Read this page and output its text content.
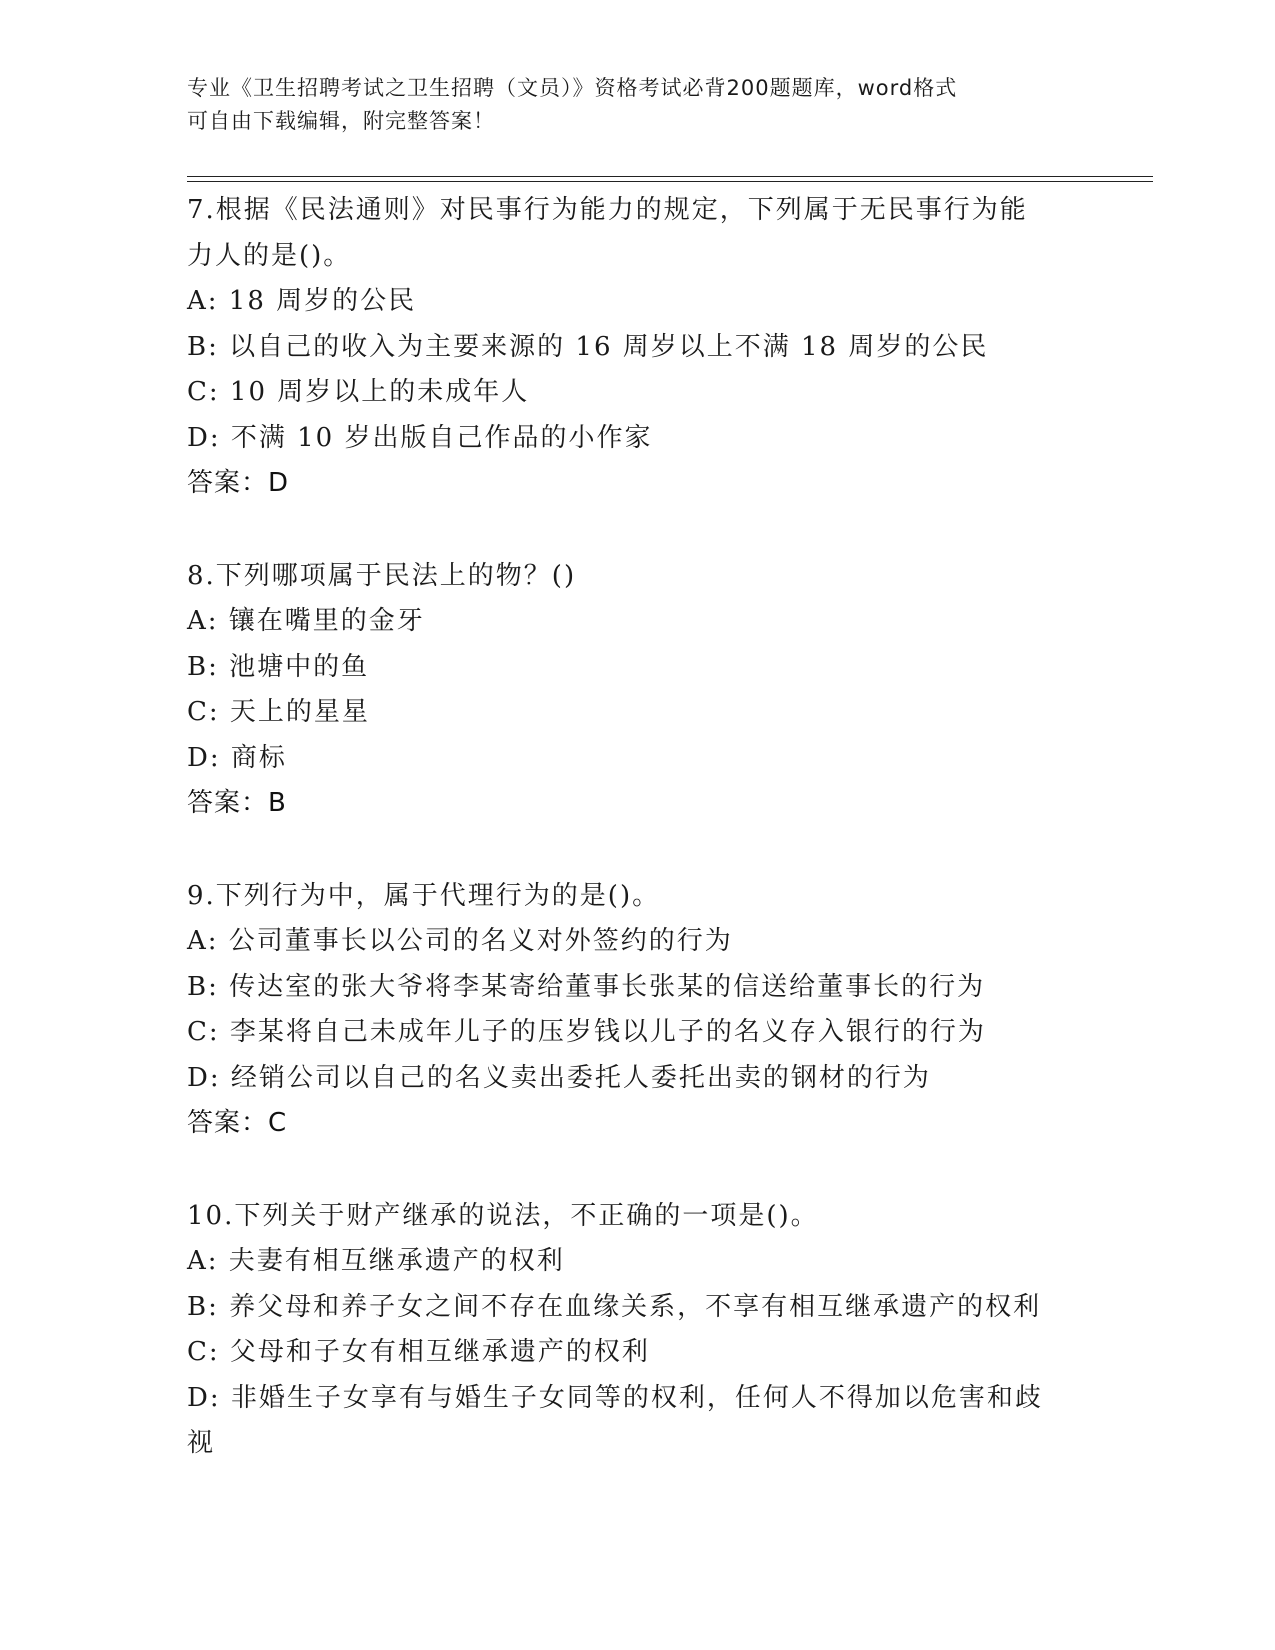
专业《卫生招聘考试之卫生招聘（文员）》资格考试必背200题题库，word格式
可自由下载编辑，附完整答案！
7.根据《民法通则》对民事行为能力的规定，下列属于无民事行为能
力人的是()。
A: 18 周岁的公民
B: 以自己的收入为主要来源的 16 周岁以上不满 18 周岁的公民
C: 10 周岁以上的未成年人
D: 不满 10 岁出版自己作品的小作家
答案：D
8.下列哪项属于民法上的物？()
A: 镶在嘴里的金牙
B: 池塘中的鱼
C: 天上的星星
D: 商标
答案：B
9.下列行为中，属于代理行为的是()。
A: 公司董事长以公司的名义对外签约的行为
B: 传达室的张大爷将李某寄给董事长张某的信送给董事长的行为
C: 李某将自己未成年儿子的压岁钱以儿子的名义存入银行的行为
D: 经销公司以自己的名义卖出委托人委托出卖的钢材的行为
答案：C
10.下列关于财产继承的说法，不正确的一项是()。
A: 夫妻有相互继承遗产的权利
B: 养父母和养子女之间不存在血缘关系，不享有相互继承遗产的权利
C: 父母和子女有相互继承遗产的权利
D: 非婚生子女享有与婚生子女同等的权利，任何人不得加以危害和歧
视
